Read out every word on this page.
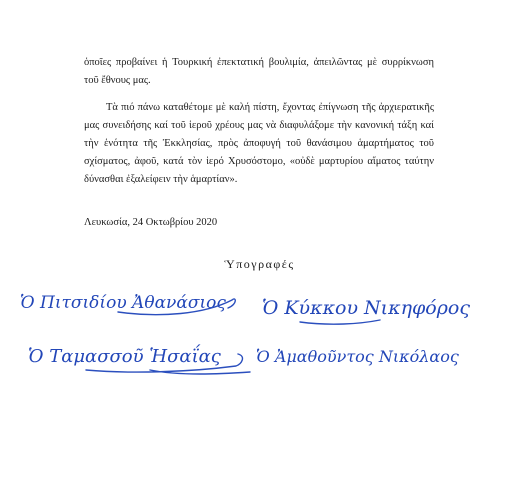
ὁποῖες προβαίνει ἡ Τουρκική ἐπεκτατική βουλιμία, ἀπειλῶντας μὲ συρρίκνωση τοῦ ἔθνους μας.

Τὰ πιό πάνω καταθέτομε μὲ καλή πίστη, ἔχοντας ἐπίγνωση τῆς ἀρχιερατικῆς μας συνειδήσης καί τοῦ ἱεροῦ χρέους μας νὰ διαφυλάξομε τὴν κανονική τάξη καί τὴν ἑνότητα τῆς Ἐκκλησίας, πρὸς ἀποφυγή τοῦ θανάσιμου ἁμαρτήματος τοῦ σχίσματος, ἀφοῦ, κατά τὸν ἱερό Χρυσόστομο, «οὐδὲ μαρτυρίου αἵματος ταύτην δύνασθαι ἐξαλείφειν τὴν ἁμαρτίαν».

Λευκωσία, 24 Οκτωβρίου 2020

Ὑπογραφές

Ὁ Πιτσιδίου Ἀθανάσιος Ὁ Κύκκου Νικηφόρος
Ὁ Ταμασσοῦ Ἡσαΐας Ὁ Ἀμαθοῦντος Νικόλαος
